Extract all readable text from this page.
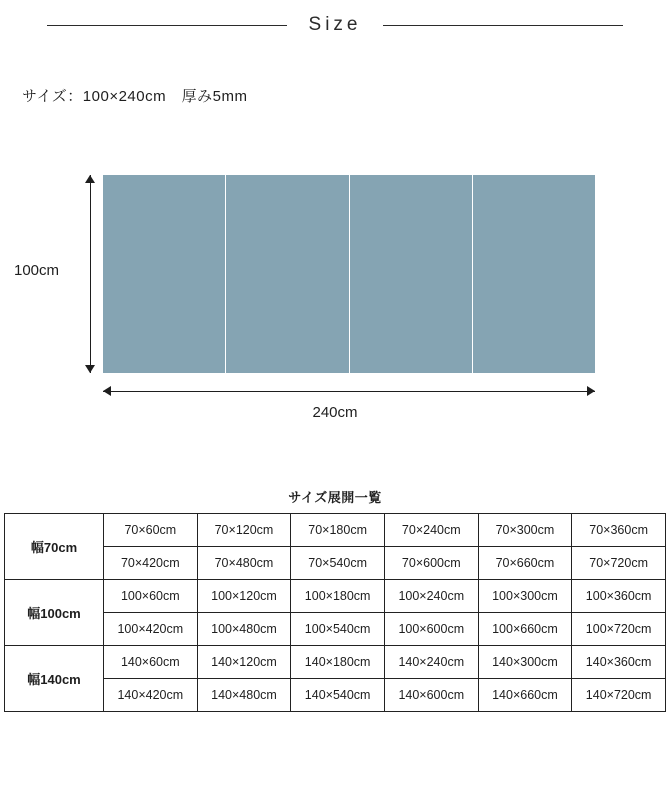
Size
サイズ：100×240cm　厚み5mm
100cm
240cm
サイズ展開一覧
幅70cm	70×60cm	70×120cm	70×180cm	70×240cm	70×300cm	70×360cm
	70×420cm	70×480cm	70×540cm	70×600cm	70×660cm	70×720cm
幅100cm	100×60cm	100×120cm	100×180cm	100×240cm	100×300cm	100×360cm
	100×420cm	100×480cm	100×540cm	100×600cm	100×660cm	100×720cm
幅140cm	140×60cm	140×120cm	140×180cm	140×240cm	140×300cm	140×360cm
	140×420cm	140×480cm	140×540cm	140×600cm	140×660cm	140×720cm
